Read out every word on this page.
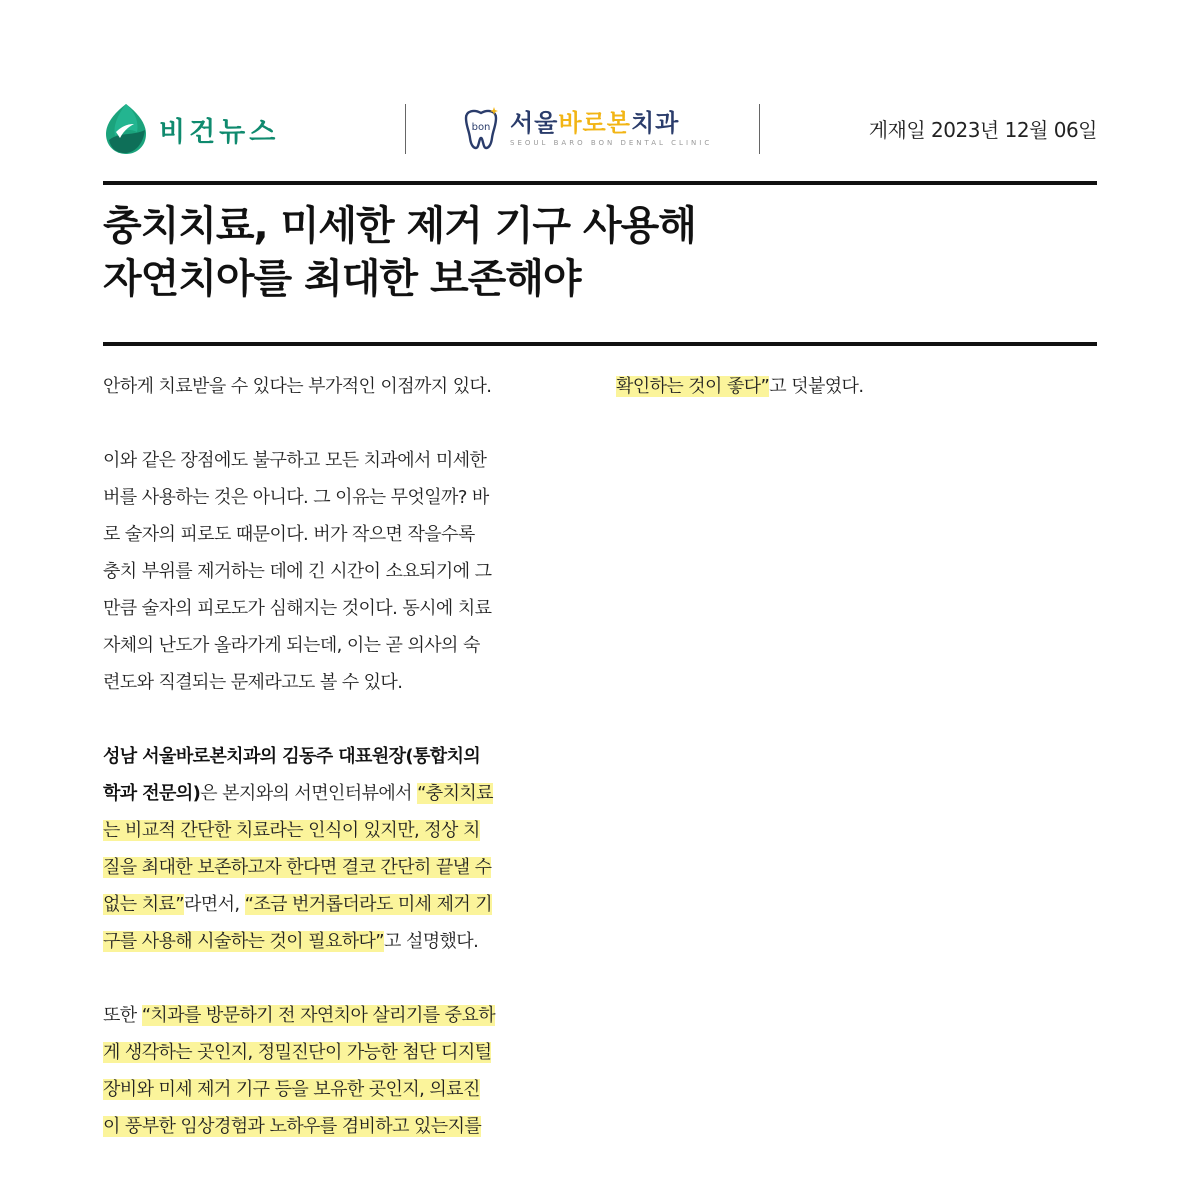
비건뉴스	bon 서울바로본치과
SEOUL BARO BON DENTAL CLINIC
게재일 2023년 12월 06일
충치치료, 미세한 제거 기구 사용해
자연치아를 최대한 보존해야
안하게 치료받을 수 있다는 부가적인 이점까지 있다.
이와 같은 장점에도 불구하고 모든 치과에서 미세한
버를 사용하는 것은 아니다. 그 이유는 무엇일까? 바
로 술자의 피로도 때문이다. 버가 작으면 작을수록
충치 부위를 제거하는 데에 긴 시간이 소요되기에 그
만큼 술자의 피로도가 심해지는 것이다. 동시에 치료
자체의 난도가 올라가게 되는데, 이는 곧 의사의 숙
련도와 직결되는 문제라고도 볼 수 있다.
성남 서울바로본치과의 김동주 대표원장(통합치의
학과 전문의)은 본지와의 서면인터뷰에서 “충치치료
는 비교적 간단한 치료라는 인식이 있지만, 정상 치
질을 최대한 보존하고자 한다면 결코 간단히 끝낼 수
없는 치료”라면서, “조금 번거롭더라도 미세 제거 기
구를 사용해 시술하는 것이 필요하다”고 설명했다.
또한 “치과를 방문하기 전 자연치아 살리기를 중요하
게 생각하는 곳인지, 정밀진단이 가능한 첨단 디지털
장비와 미세 제거 기구 등을 보유한 곳인지, 의료진
이 풍부한 임상경험과 노하우를 겸비하고 있는지를
확인하는 것이 좋다”고 덧붙였다.
